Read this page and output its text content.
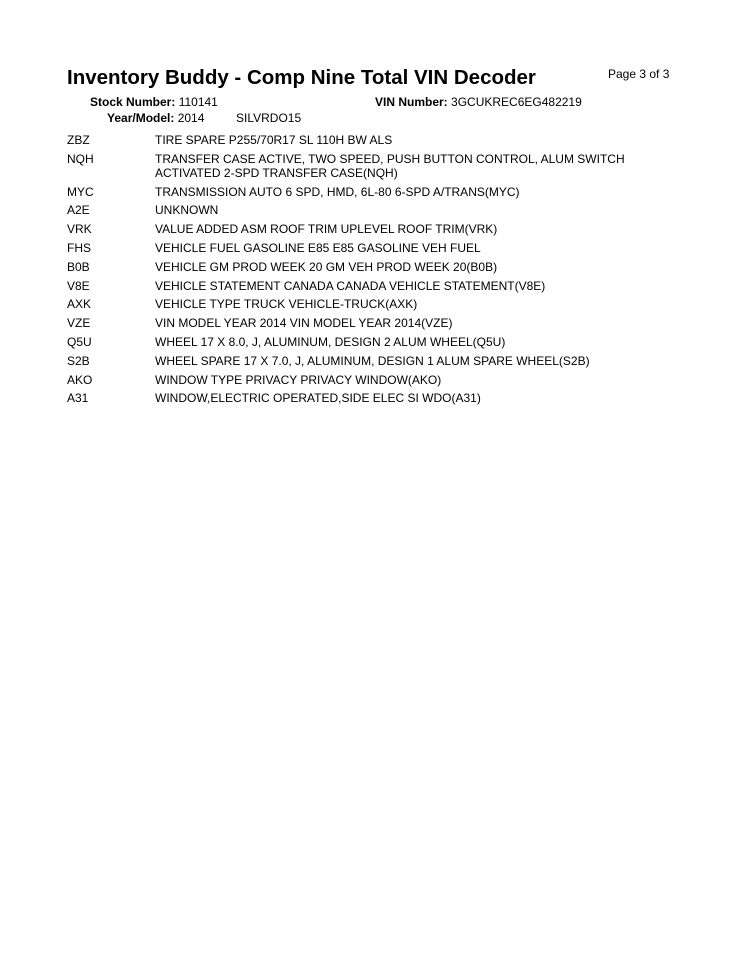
Inventory Buddy - Comp Nine Total VIN Decoder	Page 3 of 3
Stock Number: 110141	VIN Number: 3GCUKREC6EG482219
Year/Model: 2014	SILVRDO15
ZBZ	TIRE SPARE P255/70R17 SL 110H BW ALS
NQH	TRANSFER CASE ACTIVE, TWO SPEED, PUSH BUTTON CONTROL, ALUM SWITCH ACTIVATED 2-SPD TRANSFER CASE(NQH)
MYC	TRANSMISSION AUTO 6 SPD, HMD, 6L-80 6-SPD A/TRANS(MYC)
A2E	UNKNOWN
VRK	VALUE ADDED ASM ROOF TRIM UPLEVEL ROOF TRIM(VRK)
FHS	VEHICLE FUEL GASOLINE E85 E85 GASOLINE VEH FUEL
B0B	VEHICLE GM PROD WEEK 20 GM VEH PROD WEEK 20(B0B)
V8E	VEHICLE STATEMENT CANADA CANADA VEHICLE STATEMENT(V8E)
AXK	VEHICLE TYPE TRUCK VEHICLE-TRUCK(AXK)
VZE	VIN MODEL YEAR 2014 VIN MODEL YEAR 2014(VZE)
Q5U	WHEEL 17 X 8.0, J, ALUMINUM, DESIGN 2 ALUM WHEEL(Q5U)
S2B	WHEEL SPARE 17 X 7.0, J, ALUMINUM, DESIGN 1 ALUM SPARE WHEEL(S2B)
AKO	WINDOW TYPE PRIVACY PRIVACY WINDOW(AKO)
A31	WINDOW,ELECTRIC OPERATED,SIDE ELEC SI WDO(A31)
